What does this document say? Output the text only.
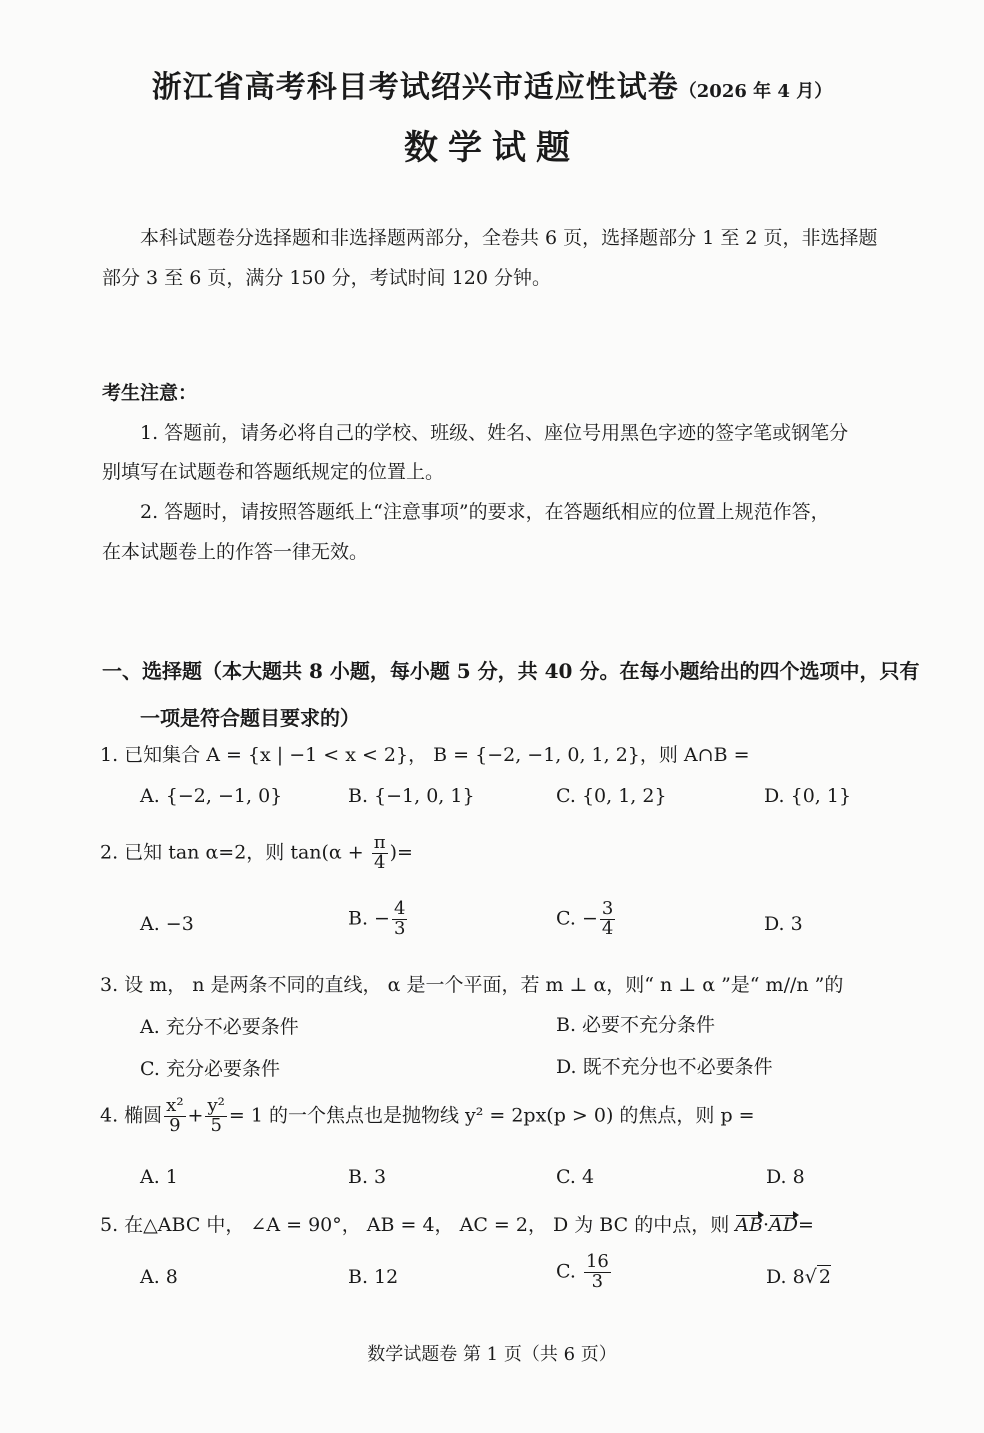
浙江省高考科目考试绍兴市适应性试卷（2026 年 4 月）
数学试题
本科试题卷分选择题和非选择题两部分，全卷共 6 页，选择题部分 1 至 2 页，非选择题
部分 3 至 6 页，满分 150 分，考试时间 120 分钟。
考生注意：
1. 答题前，请务必将自己的学校、班级、姓名、座位号用黑色字迹的签字笔或钢笔分
别填写在试题卷和答题纸规定的位置上。
2. 答题时，请按照答题纸上“注意事项”的要求，在答题纸相应的位置上规范作答，
在本试题卷上的作答一律无效。
一、选择题（本大题共 8 小题，每小题 5 分，共 40 分。在每小题给出的四个选项中，只有
一项是符合题目要求的）
1. 已知集合 A = {x | −1 < x < 2}， B = {−2, −1, 0, 1, 2}，则 A∩B =
A. {−2, −1, 0}	B. {−1, 0, 1}	C. {0, 1, 2}	D. {0, 1}
2. 已知 tan α=2，则 $\tan(\alpha + \frac{\pi}{4}$ )=
A. −3	B. − $\frac{4}{3}$	C. − $\frac{3}{4}$	D. 3
3. 设 m， n 是两条不同的直线， α 是一个平面，若 m ⊥ α，则“ n ⊥ α ”是“ m//n ”的
A. 充分不必要条件	B. 必要不充分条件
C. 充分必要条件	D. 既不充分也不必要条件
4. 椭圆 $\frac{\text{x²}}{9} + \frac{\text{y²}}{5} = 1$ 的一个焦点也是抛物线 y² = 2px(p > 0) 的焦点，则 p =
A. 1	B. 3	C. 4	D. 8
5. 在△ABC 中， ∠A = 90°， AB = 4， AC = 2， D 为 BC 的中点，则 AB·AD=
A. 8	B. 12	C. $\frac{16}{3}$	D. 8√ 2
数学试题卷 第 1 页（共 6 页）
